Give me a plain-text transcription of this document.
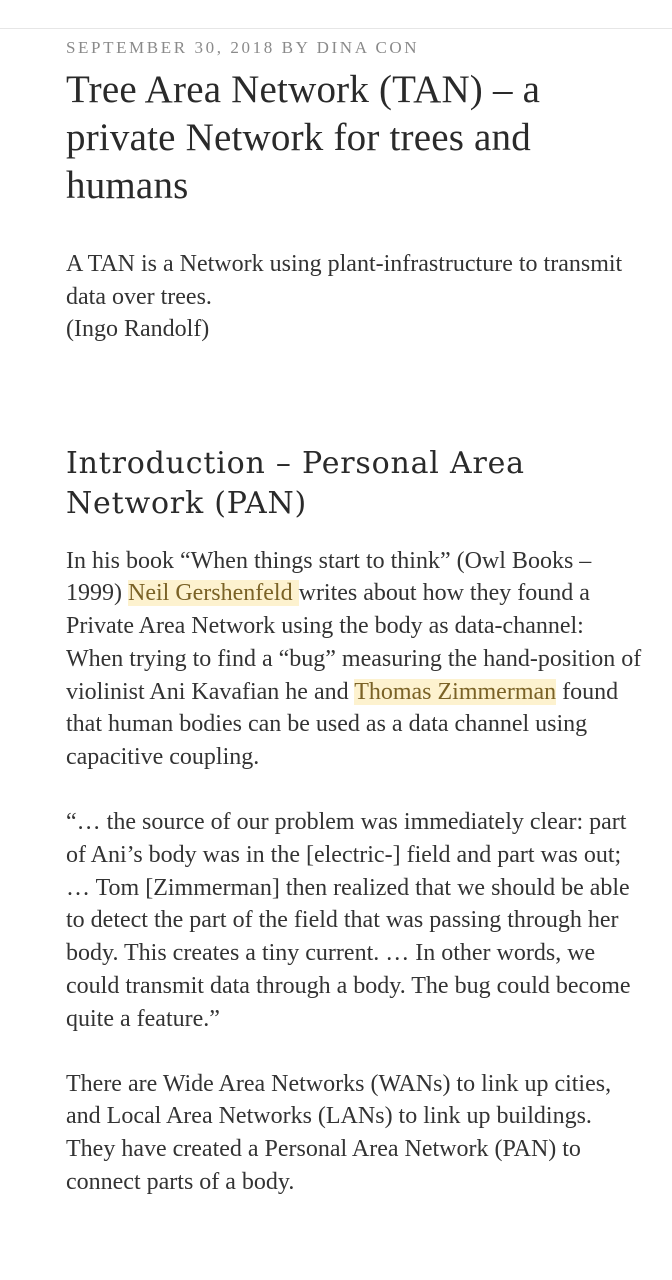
SEPTEMBER 30, 2018 BY DINA CON
Tree Area Network (TAN) – a private Network for trees and humans

A TAN is a Network using plant-infrastructure to transmit data over trees.
(Ingo Randolf)

Introduction – Personal Area Network (PAN)

In his book “When things start to think” (Owl Books – 1999) Neil Gershenfeld writes about how they found a Private Area Network using the body as data-channel: When trying to find a “bug” measuring the hand-position of violinist Ani Kavafian he and Thomas Zimmerman found that human bodies can be used as a data channel using capacitive coupling.

“… the source of our problem was immediately clear: part of Ani’s body was in the [electric-] field and part was out; … Tom [Zimmerman] then realized that we should be able to detect the part of the field that was passing through her body. This creates a tiny current. … In other words, we could transmit data through a body. The bug could become quite a feature.”

There are Wide Area Networks (WANs) to link up cities, and Local Area Networks (LANs) to link up buildings. They have created a Personal Area Network (PAN) to connect parts of a body.
